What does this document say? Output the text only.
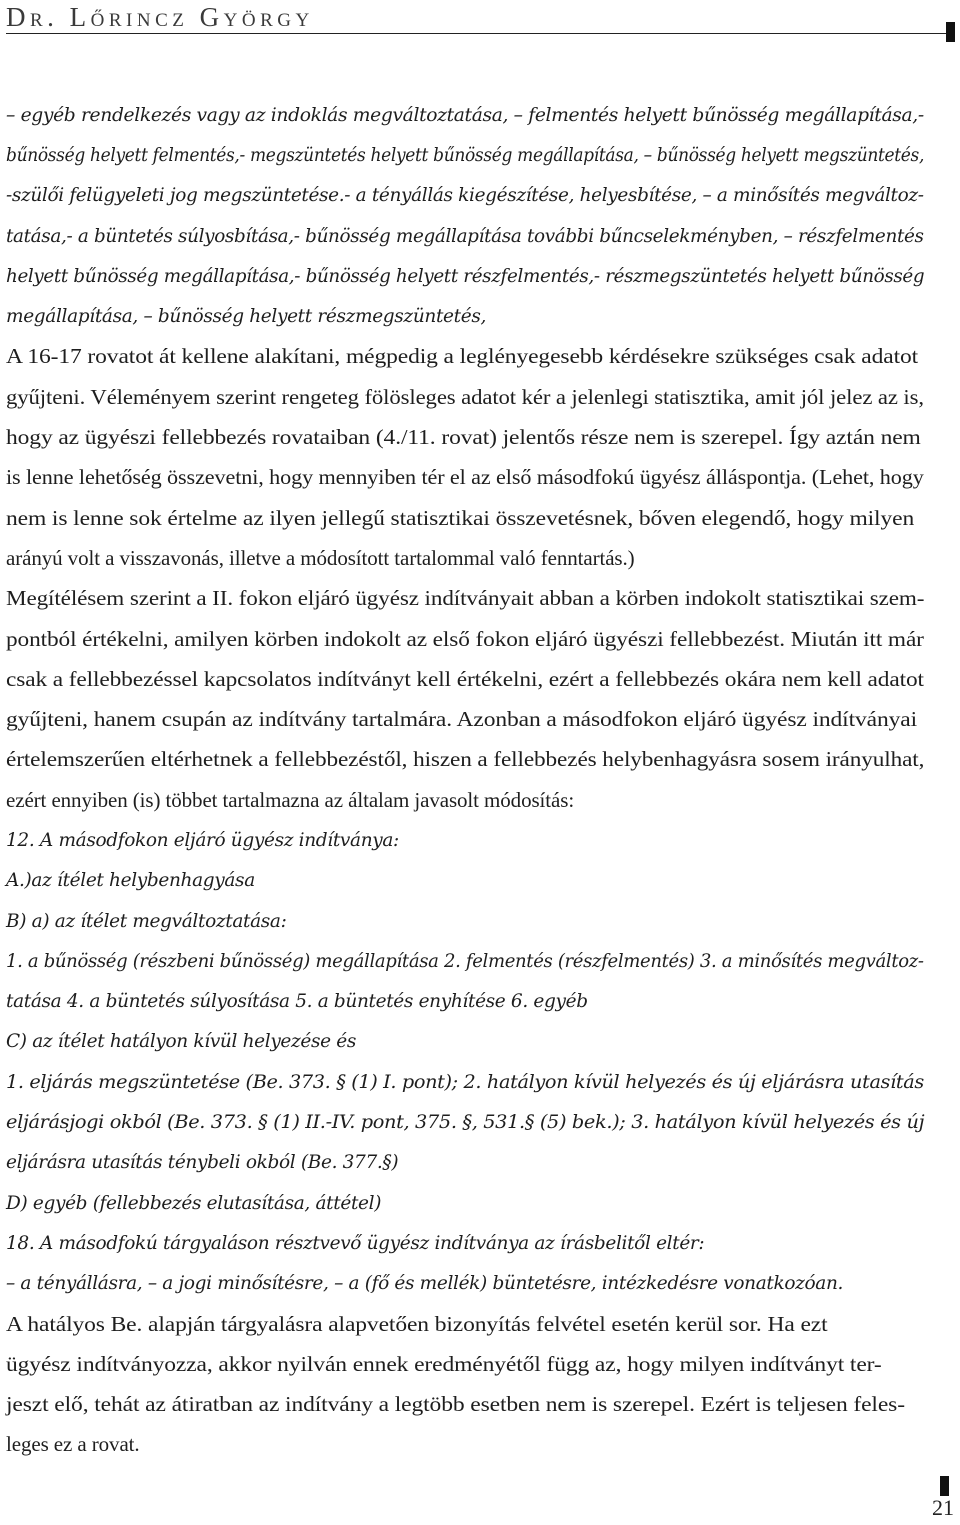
Dr. Lőrincz György
– egyéb rendelkezés vagy az indoklás megváltoztatása, – felmentés helyett bűnösség megállapítása,-
bűnösség helyett felmentés,- megszüntetés helyett bűnösség megállapítása, – bűnösség helyett megszüntetés,
-szülői felügyeleti jog megszüntetése.- a tényállás kiegészítése, helyesbítése, – a minősítés megváltoz-
tatása,- a büntetés súlyosbítása,- bűnösség megállapítása további bűncselekményben, – részfelmentés
helyett bűnösség megállapítása,- bűnösség helyett részfelmentés,- részmegszüntetés helyett bűnösség
megállapítása, – bűnösség helyett részmegszüntetés,
A 16-17 rovatot át kellene alakítani, mégpedig a leglényegesebb kérdésekre szükséges csak adatot
gyűjteni. Véleményem szerint rengeteg fölösleges adatot kér a jelenlegi statisztika, amit jól jelez az is,
hogy az ügyészi fellebbezés rovataiban (4./11. rovat) jelentős része nem is szerepel. Így aztán nem
is lenne lehetőség összevetni, hogy mennyiben tér el az első másodfokú ügyész álláspontja. (Lehet, hogy
nem is lenne sok értelme az ilyen jellegű statisztikai összevetésnek, bőven elegendő, hogy milyen
arányú volt a visszavonás, illetve a módosított tartalommal való fenntartás.)
Megítélésem szerint a II. fokon eljáró ügyész indítványait abban a körben indokolt statisztikai szem-
pontból értékelni, amilyen körben indokolt az első fokon eljáró ügyészi fellebbezést. Miután itt már
csak a fellebbezéssel kapcsolatos indítványt kell értékelni, ezért a fellebbezés okára nem kell adatot
gyűjteni, hanem csupán az indítvány tartalmára. Azonban a másodfokon eljáró ügyész indítványai
értelemszerűen eltérhetnek a fellebbezéstől, hiszen a fellebbezés helybenhagyásra sosem irányulhat,
ezért ennyiben (is) többet tartalmazna az általam javasolt módosítás:
12. A másodfokon eljáró ügyész indítványa:
A.)az ítélet helybenhagyása
B) a) az ítélet megváltoztatása:
1. a bűnösség (részbeni bűnösség) megállapítása 2. felmentés (részfelmentés) 3. a minősítés megváltoz-
tatása 4. a büntetés súlyosítása 5. a büntetés enyhítése 6. egyéb
C) az ítélet hatályon kívül helyezése és
1. eljárás megszüntetése (Be. 373. § (1) I. pont); 2. hatályon kívül helyezés és új eljárásra utasítás
eljárásjogi okból (Be. 373. § (1) II.-IV. pont, 375. §, 531.§ (5) bek.); 3. hatályon kívül helyezés és új
eljárásra utasítás ténybeli okból (Be. 377.§)
D) egyéb (fellebbezés elutasítása, áttétel)
18. A másodfokú tárgyaláson résztvevő ügyész indítványa az írásbelitől eltér:
– a tényállásra, – a jogi minősítésre, – a (fő és mellék) büntetésre, intézkedésre vonatkozóan.
A hatályos Be. alapján tárgyalásra alapvetően bizonyítás felvétel esetén kerül sor. Ha ezt
ügyész indítványozza, akkor nyilván ennek eredményétől függ az, hogy milyen indítványt ter-
jeszt elő, tehát az átiratban az indítvány a legtöbb esetben nem is szerepel. Ezért is teljesen feles-
leges ez a rovat.
21
